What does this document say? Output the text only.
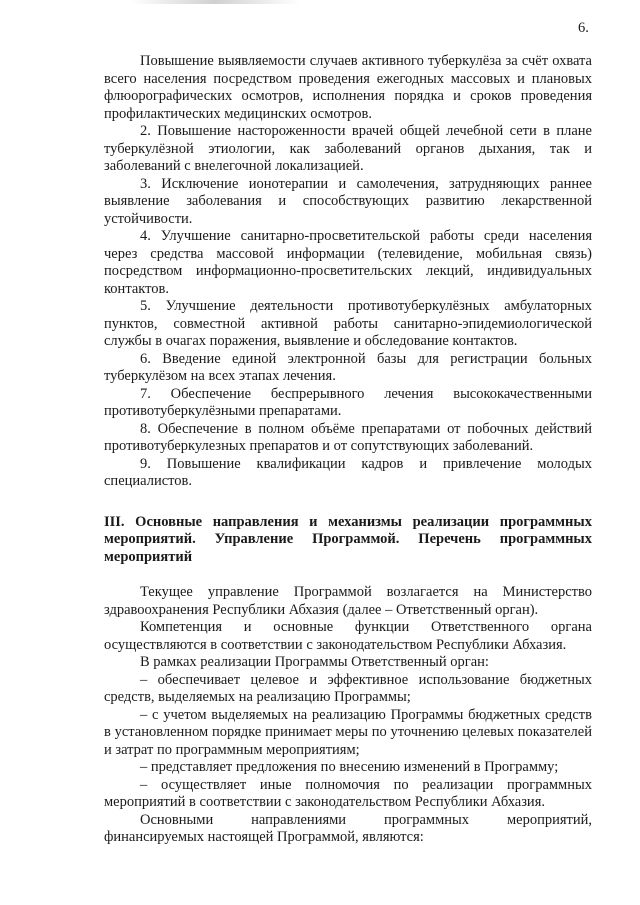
6.

Повышение выявляемости случаев активного туберкулёза за счёт охвата всего населения посредством проведения ежегодных массовых и плановых флюорографических осмотров, исполнения порядка и сроков проведения профилактических медицинских осмотров.

2. Повышение настороженности врачей общей лечебной сети в плане туберкулёзной этиологии, как заболеваний органов дыхания, так и заболеваний с внелегочной локализацией.

3. Исключение ионотерапии и самолечения, затрудняющих раннее выявление заболевания и способствующих развитию лекарственной устойчивости.

4. Улучшение санитарно-просветительской работы среди населения через средства массовой информации (телевидение, мобильная связь) посредством информационно-просветительских лекций, индивидуальных контактов.

5. Улучшение деятельности противотуберкулёзных амбулаторных пунктов, совместной активной работы санитарно-эпидемиологической службы в очагах поражения, выявление и обследование контактов.

6. Введение единой электронной базы для регистрации больных туберкулёзом на всех этапах лечения.

7. Обеспечение беспрерывного лечения высококачественными противотуберкулёзными препаратами.

8. Обеспечение в полном объёме препаратами от побочных действий противотуберкулезных препаратов и от сопутствующих заболеваний.

9. Повышение квалификации кадров и привлечение молодых специалистов.

III. Основные направления и механизмы реализации программных мероприятий. Управление Программой. Перечень программных мероприятий

Текущее управление Программой возлагается на Министерство здравоохранения Республики Абхазия (далее – Ответственный орган).

Компетенция и основные функции Ответственного органа осуществляются в соответствии с законодательством Республики Абхазия.

В рамках реализации Программы Ответственный орган:

– обеспечивает целевое и эффективное использование бюджетных средств, выделяемых на реализацию Программы;

– с учетом выделяемых на реализацию Программы бюджетных средств в установленном порядке принимает меры по уточнению целевых показателей и затрат по программным мероприятиям;

– представляет предложения по внесению изменений в Программу;

– осуществляет иные полномочия по реализации программных мероприятий в соответствии с законодательством Республики Абхазия.

Основными направлениями программных мероприятий, финансируемых настоящей Программой, являются:
